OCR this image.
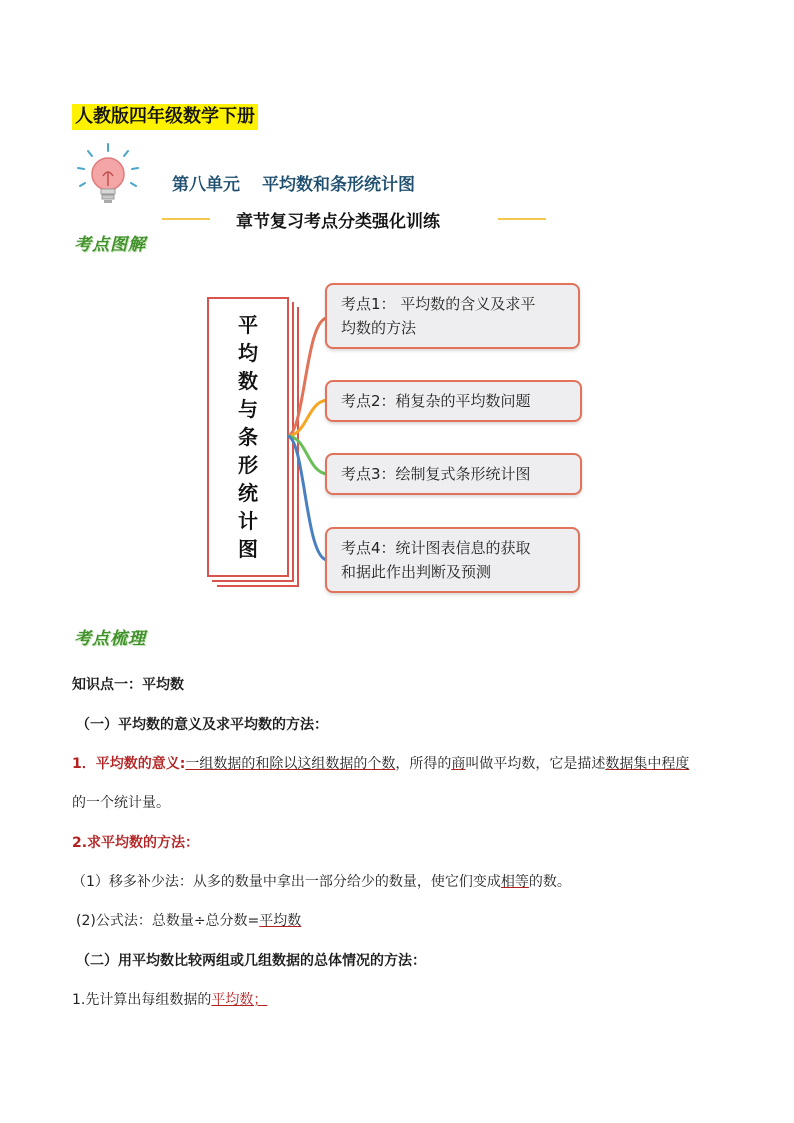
人教版四年级数学下册
第八单元 平均数和条形统计图
章节复习考点分类强化训练
考点图解
平
均
数
与
条
形
统
计
图
考点1： 平均数的含义及求平
均数的方法
考点2：稍复杂的平均数问题
考点3：绘制复式条形统计图
考点4：统计图表信息的获取
和据此作出判断及预测
考点梳理
知识点一：平均数
（一）平均数的意义及求平均数的方法：
1．平均数的意义:一组数据的和除以这组数据的个数，所得的商叫做平均数，它是描述数据集中程度
的一个统计量。
2.求平均数的方法：
（1）移多补少法：从多的数量中拿出一部分给少的数量，使它们变成相等的数。
(2)公式法：总数量÷总分数=平均数
（二）用平均数比较两组或几组数据的总体情况的方法：
1.先计算出每组数据的平均数；
